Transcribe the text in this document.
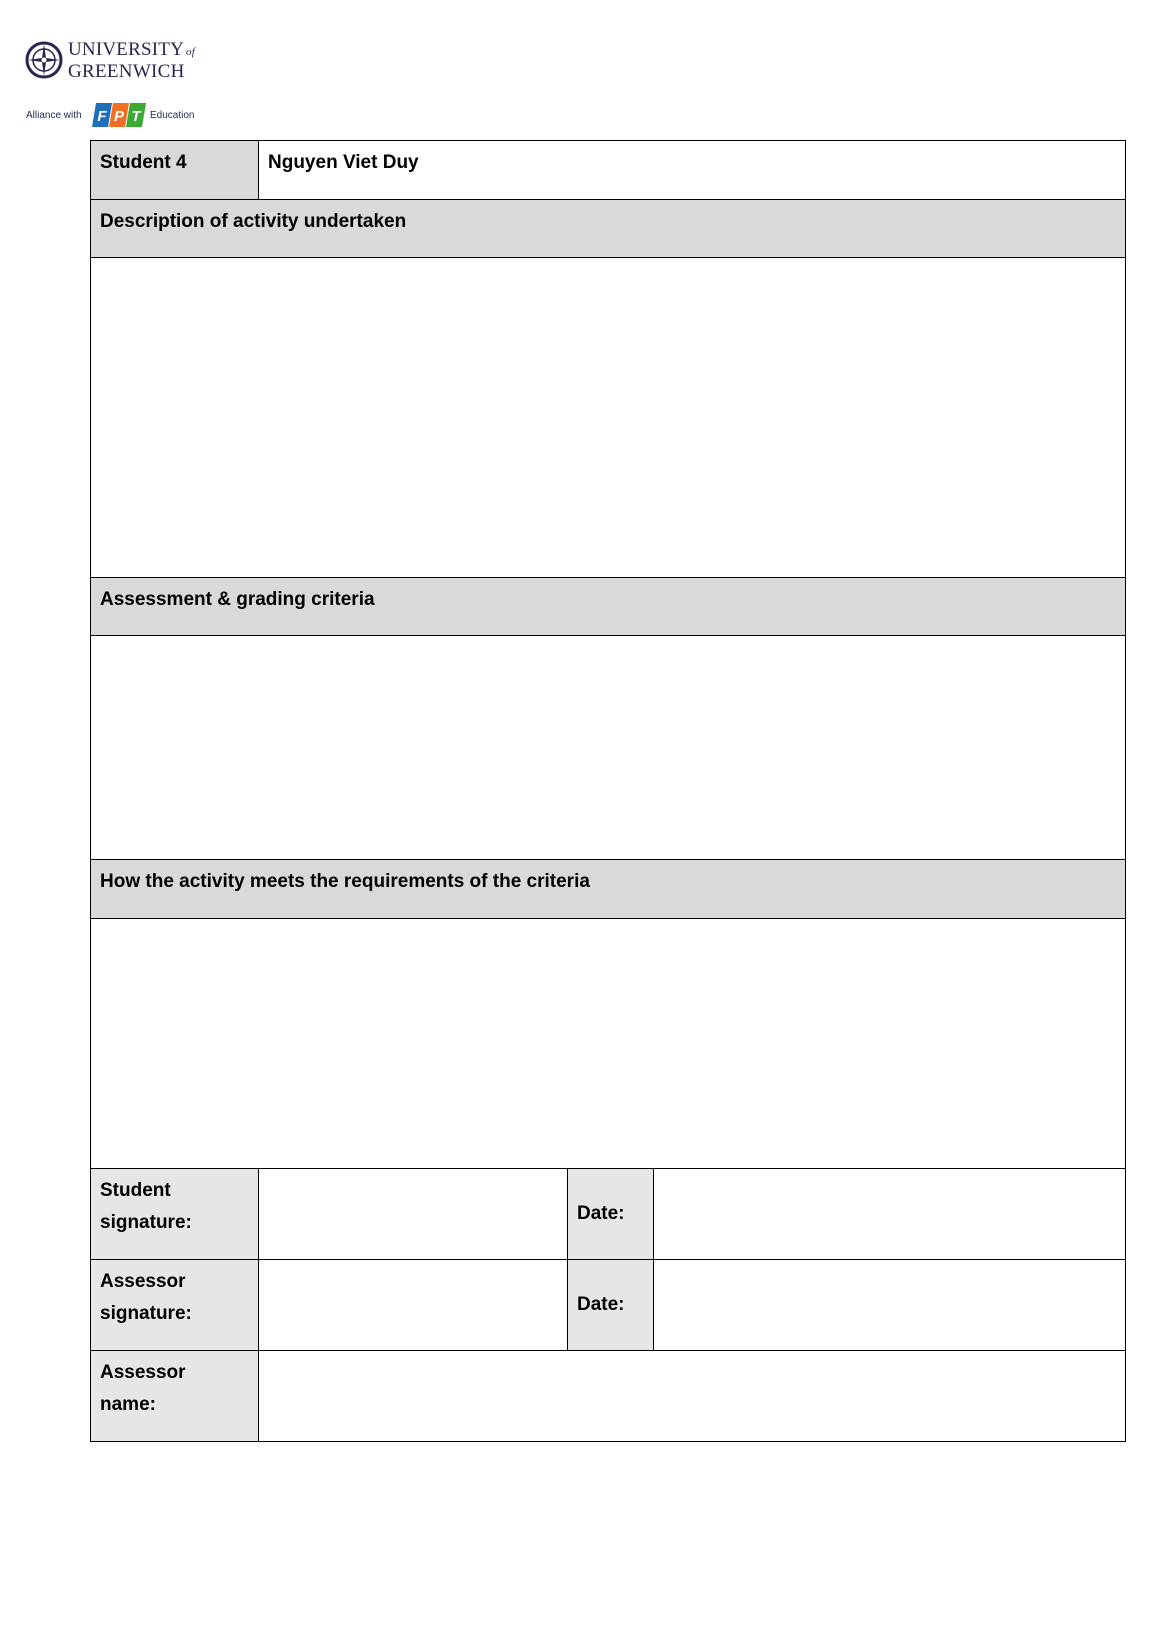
UNIVERSITY of
GREENWICH
Alliance with F P T Education
Student 4	Nguyen Viet Duy		
Description of activity undertaken			

Assessment & grading criteria			

How the activity meets the requirements of the criteria			

Student
signature:		Date:	

Assessor
signature:		Date:	

Assessor
name:			
